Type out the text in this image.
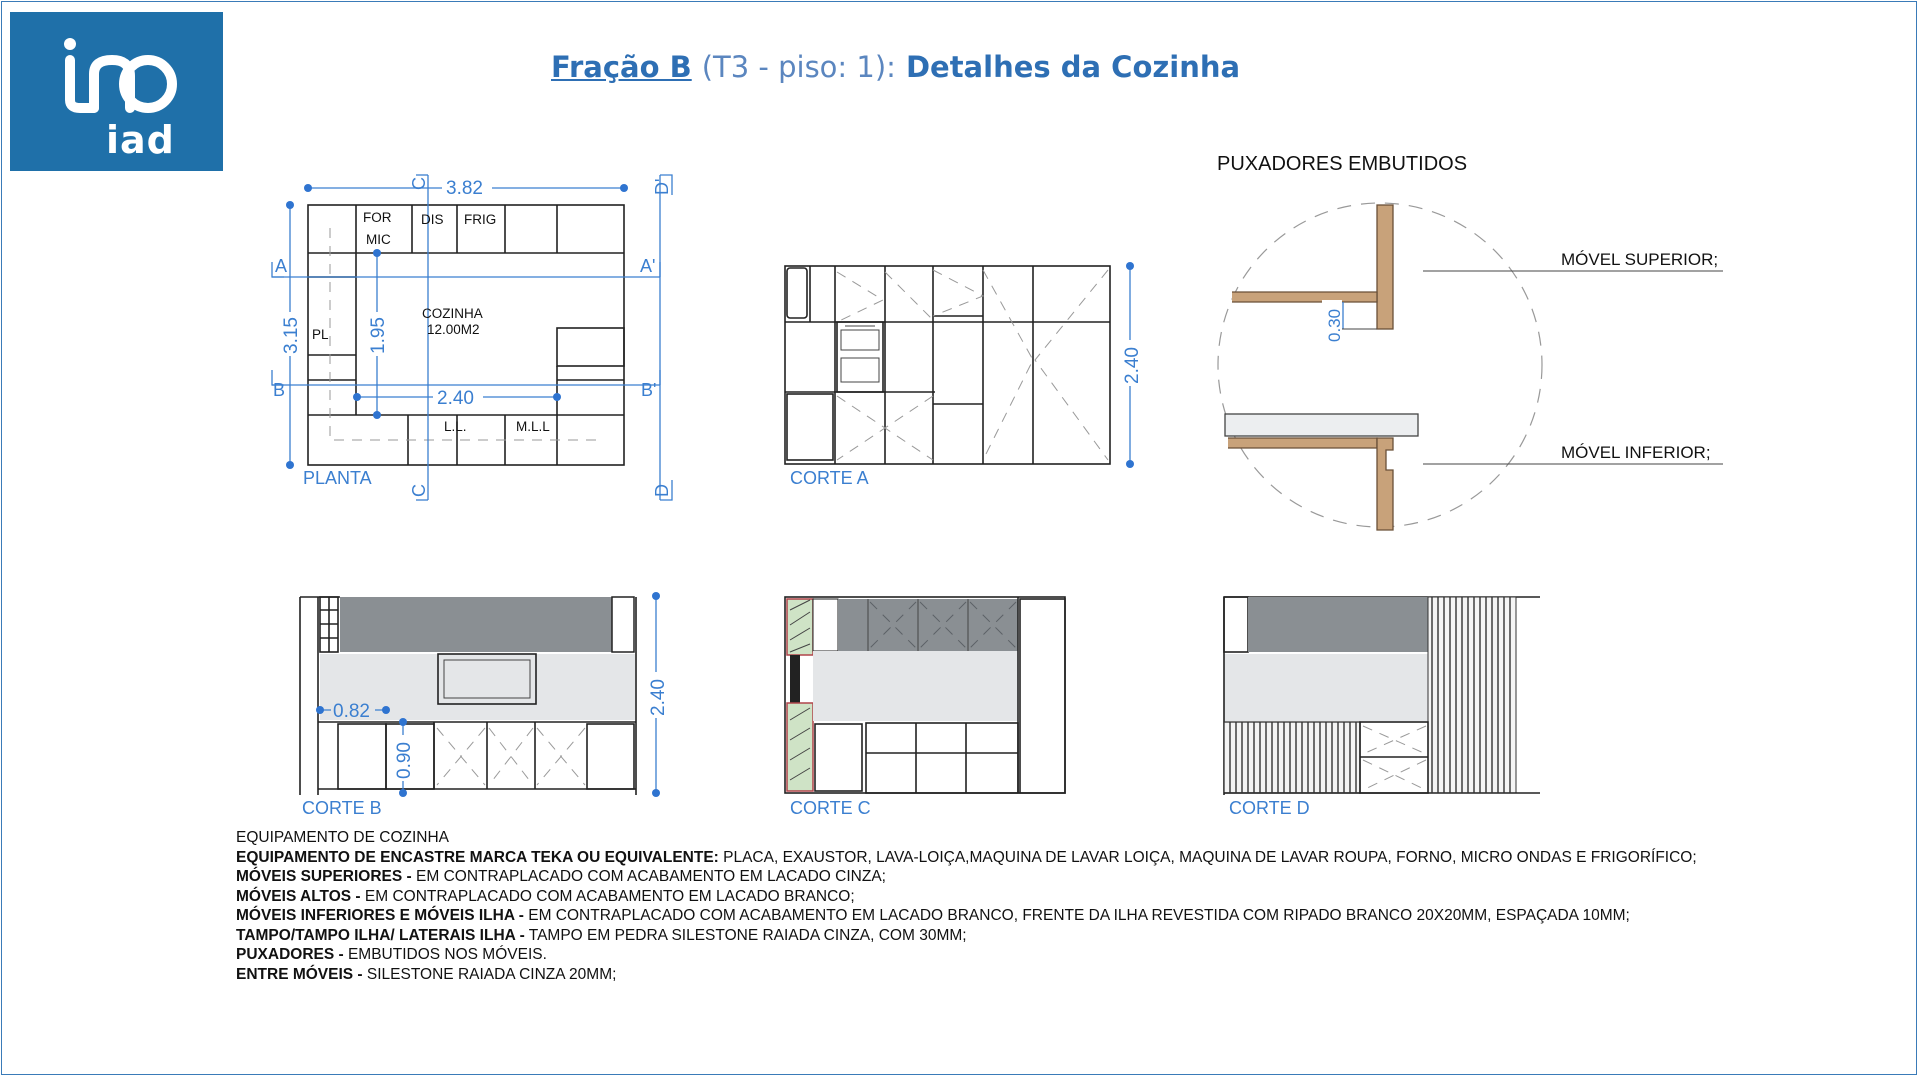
iad
Fração B (T3 - piso: 1): Detalhes da Cozinha
3.82
3.15	1.95
2.40
A	A'
B	B'
C
C
D'
D
FOR
MIC
DIS FRIG
PL
L.L.	M.L.L
COZINHA
12.00M2
PLANTA
2.40
CORTE A
PUXADORES EMBUTIDOS
0.30
MÓVEL SUPERIOR;
MÓVEL INFERIOR;
2.40
0.82
0.90
CORTE B	CORTE C	CORTE D
EQUIPAMENTO DE COZINHA
EQUIPAMENTO DE ENCASTRE MARCA TEKA OU EQUIVALENTE: PLACA, EXAUSTOR, LAVA-LOIÇA,MAQUINA DE LAVAR LOIÇA, MAQUINA DE LAVAR ROUPA, FORNO, MICRO ONDAS E FRIGORÍFICO;
MÓVEIS SUPERIORES - EM CONTRAPLACADO COM ACABAMENTO EM LACADO CINZA;
MÓVEIS ALTOS - EM CONTRAPLACADO COM ACABAMENTO EM LACADO BRANCO;
MÓVEIS INFERIORES E MÓVEIS ILHA - EM CONTRAPLACADO COM ACABAMENTO EM LACADO BRANCO, FRENTE DA ILHA REVESTIDA COM RIPADO BRANCO 20X20MM, ESPAÇADA 10MM;
TAMPO/TAMPO ILHA/ LATERAIS ILHA - TAMPO EM PEDRA SILESTONE RAIADA CINZA, COM 30MM;
PUXADORES - EMBUTIDOS NOS MÓVEIS.
ENTRE MÓVEIS - SILESTONE RAIADA CINZA 20MM;
